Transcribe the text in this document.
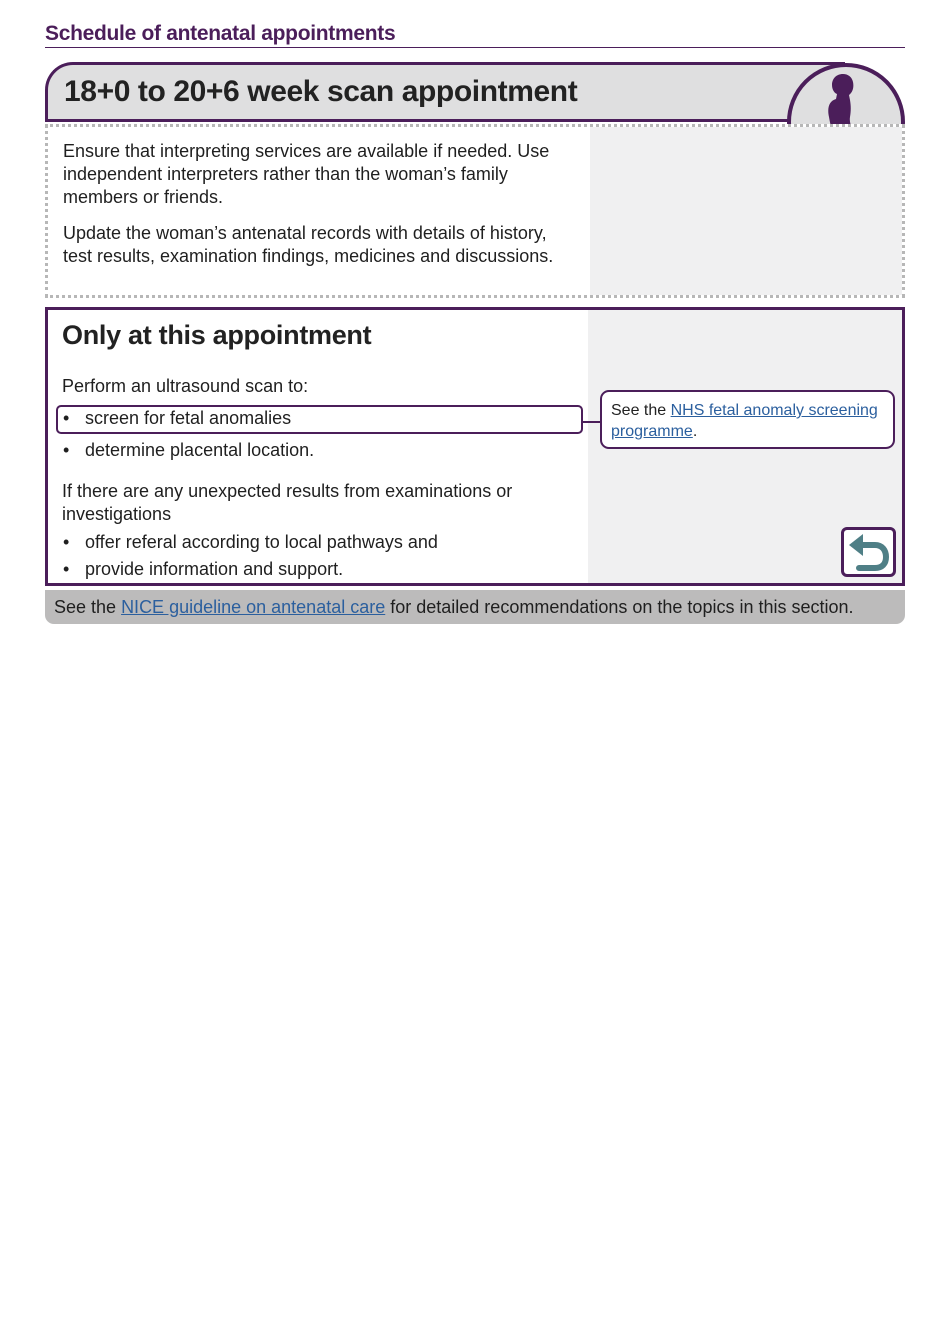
Schedule of antenatal appointments
18+0 to 20+6 week scan appointment

Ensure that interpreting services are available if needed. Use independent interpreters rather than the woman’s family members or friends.

Update the woman’s antenatal records with details of history, test results, examination findings, medicines and discussions.

Only at this appointment
Perform an ultrasound scan to:
• screen for fetal anomalies
• determine placental location.
If there are any unexpected results from examinations or investigations
• offer referal according to local pathways and
• provide information and support.
See the NHS fetal anomaly screening programme.
See the NICE guideline on antenatal care for detailed recommendations on the topics in this section.
